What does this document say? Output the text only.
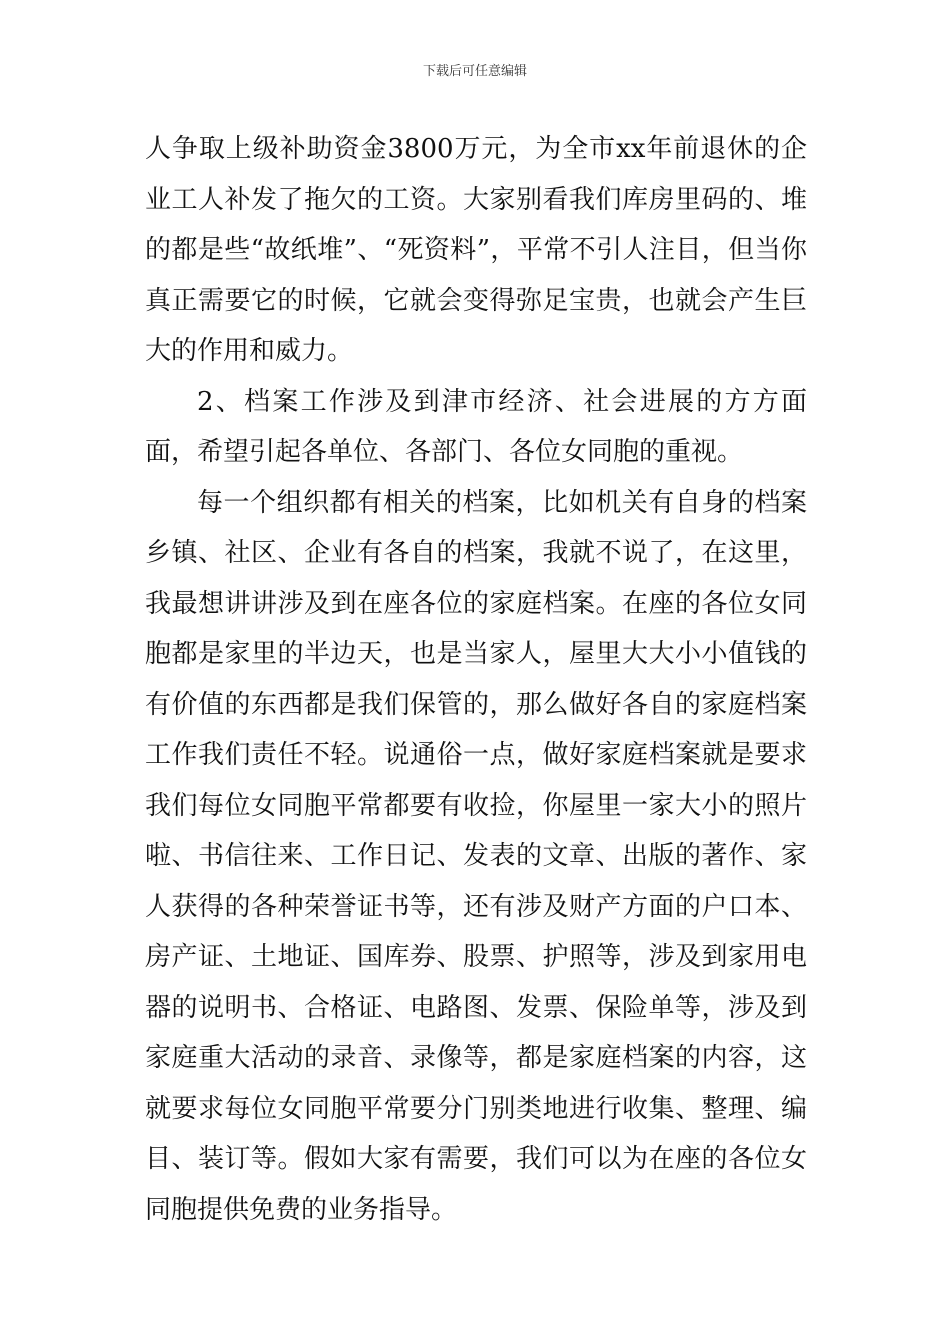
下载后可任意编辑

人争取上级补助资金3800万元，为全市xx年前退休的企业工人补发了拖欠的工资。大家别看我们库房里码的、堆的都是些“故纸堆”、“死资料”，平常不引人注目，但当你真正需要它的时候，它就会变得弥足宝贵，也就会产生巨大的作用和威力。

2、档案工作涉及到津市经济、社会进展的方方面面，希望引起各单位、各部门、各位女同胞的重视。

每一个组织都有相关的档案，比如机关有自身的档案乡镇、社区、企业有各自的档案，我就不说了，在这里，我最想讲讲涉及到在座各位的家庭档案。在座的各位女同胞都是家里的半边天，也是当家人，屋里大大小小值钱的有价值的东西都是我们保管的，那么做好各自的家庭档案工作我们责任不轻。说通俗一点，做好家庭档案就是要求我们每位女同胞平常都要有收捡，你屋里一家大小的照片啦、书信往来、工作日记、发表的文章、出版的著作、家人获得的各种荣誉证书等，还有涉及财产方面的户口本、房产证、土地证、国库券、股票、护照等，涉及到家用电器的说明书、合格证、电路图、发票、保险单等，涉及到家庭重大活动的录音、录像等，都是家庭档案的内容，这就要求每位女同胞平常要分门别类地进行收集、整理、编目、装订等。假如大家有需要，我们可以为在座的各位女同胞提供免费的业务指导。
